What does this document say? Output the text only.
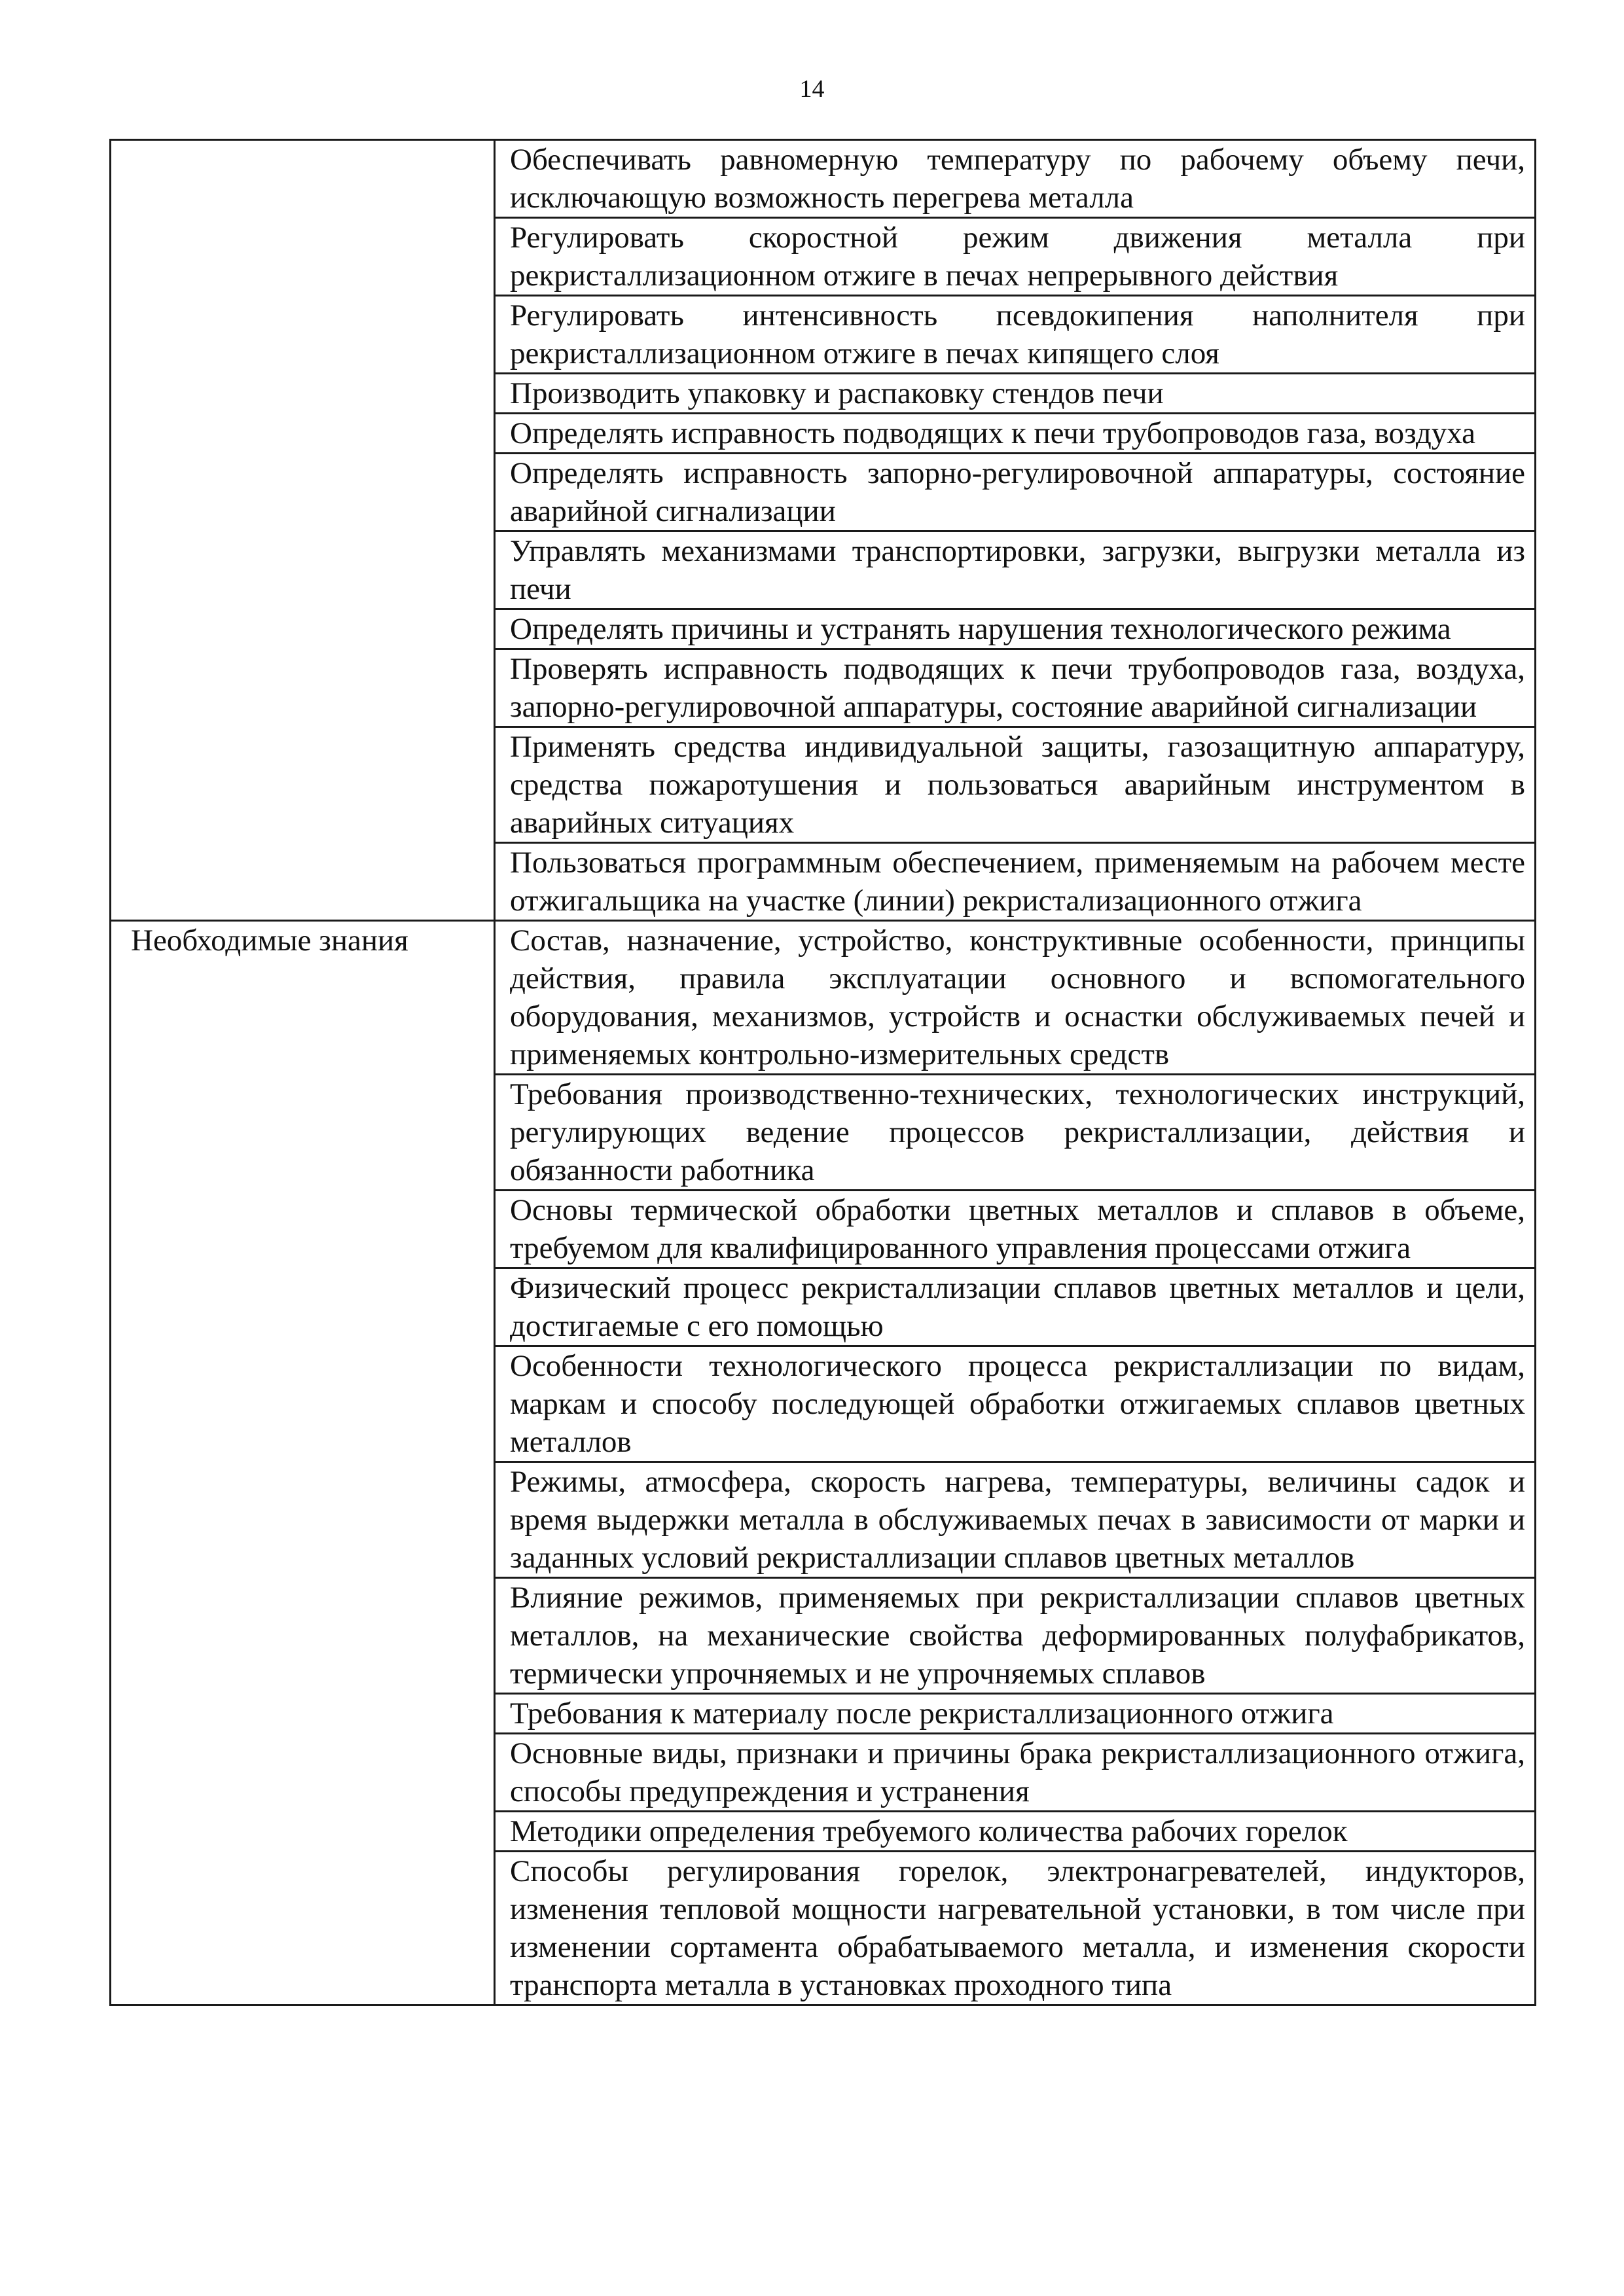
14
	Обеспечивать равномерную температуру по рабочему объему печи, исключающую возможность перегрева металла
	Регулировать скоростной режим движения металла при рекристаллизационном отжиге в печах непрерывного действия
	Регулировать интенсивность псевдокипения наполнителя при рекристаллизационном отжиге в печах кипящего слоя
	Производить упаковку и распаковку стендов печи
	Определять исправность подводящих к печи трубопроводов газа, воздуха
	Определять исправность запорно-регулировочной аппаратуры, состояние аварийной сигнализации
	Управлять механизмами транспортировки, загрузки, выгрузки металла из печи
	Определять причины и устранять нарушения технологического режима
	Проверять исправность подводящих к печи трубопроводов газа, воздуха, запорно-регулировочной аппаратуры, состояние аварийной сигнализации
	Применять средства индивидуальной защиты, газозащитную аппаратуру, средства пожаротушения и пользоваться аварийным инструментом в аварийных ситуациях
	Пользоваться программным обеспечением, применяемым на рабочем месте отжигальщика на участке (линии) рекристализационного отжига
Необходимые знания	Состав, назначение, устройство, конструктивные особенности, принципы действия, правила эксплуатации основного и вспомогательного оборудования, механизмов, устройств и оснастки обслуживаемых печей и применяемых контрольно-измерительных средств
	Требования производственно-технических, технологических инструкций, регулирующих ведение процессов рекристаллизации, действия и обязанности работника
	Основы термической обработки цветных металлов и сплавов в объеме, требуемом для квалифицированного управления процессами отжига
	Физический процесс рекристаллизации сплавов цветных металлов и цели, достигаемые с его помощью
	Особенности технологического процесса рекристаллизации по видам, маркам и способу последующей обработки отжигаемых сплавов цветных металлов
	Режимы, атмосфера, скорость нагрева, температуры, величины садок и время выдержки металла в обслуживаемых печах в зависимости от марки и заданных условий рекристаллизации сплавов цветных металлов
	Влияние режимов, применяемых при рекристаллизации сплавов цветных металлов, на механические свойства деформированных полуфабрикатов, термически упрочняемых и не упрочняемых сплавов
	Требования к материалу после рекристаллизационного отжига
	Основные виды, признаки и причины брака рекристаллизационного отжига, способы предупреждения и устранения
	Методики определения требуемого количества рабочих горелок
	Способы регулирования горелок, электронагревателей, индукторов, изменения тепловой мощности нагревательной установки, в том числе при изменении сортамента обрабатываемого металла, и изменения скорости транспорта металла в установках проходного типа
